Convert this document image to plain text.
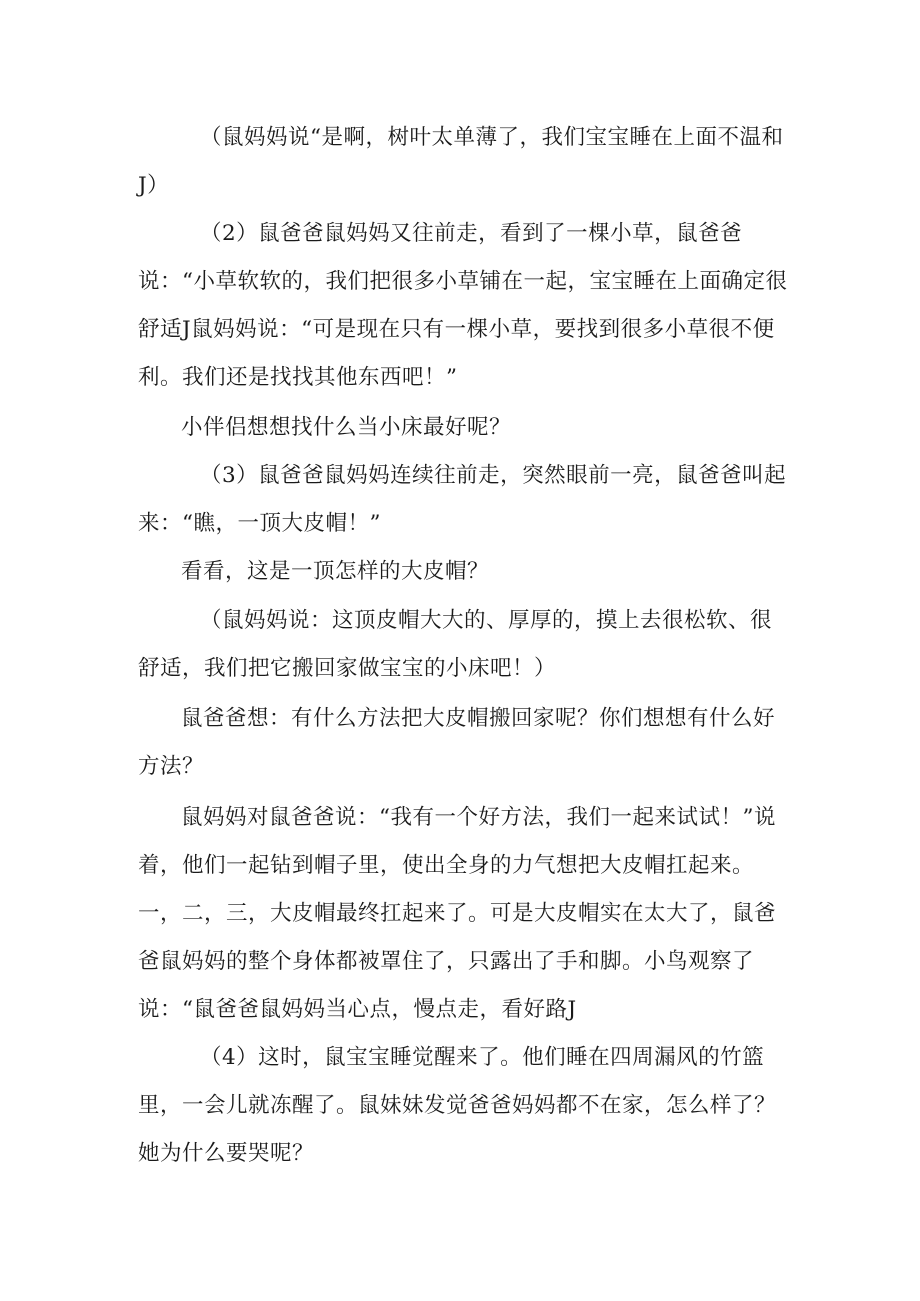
（鼠妈妈说“是啊，树叶太单薄了，我们宝宝睡在上面不温和J）

（2）鼠爸爸鼠妈妈又往前走，看到了一棵小草，鼠爸爸说：“小草软软的，我们把很多小草铺在一起，宝宝睡在上面确定很舒适J鼠妈妈说：“可是现在只有一棵小草，要找到很多小草很不便利。我们还是找找其他东西吧！”

小伴侣想想找什么当小床最好呢？

（3）鼠爸爸鼠妈妈连续往前走，突然眼前一亮，鼠爸爸叫起来：“瞧，一顶大皮帽！”

看看，这是一顶怎样的大皮帽？

（鼠妈妈说：这顶皮帽大大的、厚厚的，摸上去很松软、很舒适，我们把它搬回家做宝宝的小床吧！）

鼠爸爸想：有什么方法把大皮帽搬回家呢？你们想想有什么好方法？

鼠妈妈对鼠爸爸说：“我有一个好方法，我们一起来试试！”说着，他们一起钻到帽子里，使出全身的力气想把大皮帽扛起来。一，二，三，大皮帽最终扛起来了。可是大皮帽实在太大了，鼠爸爸鼠妈妈的整个身体都被罩住了，只露出了手和脚。小鸟观察了说：“鼠爸爸鼠妈妈当心点，慢点走，看好路J

（4）这时，鼠宝宝睡觉醒来了。他们睡在四周漏风的竹篮里，一会儿就冻醒了。鼠妹妹发觉爸爸妈妈都不在家，怎么样了？她为什么要哭呢？
